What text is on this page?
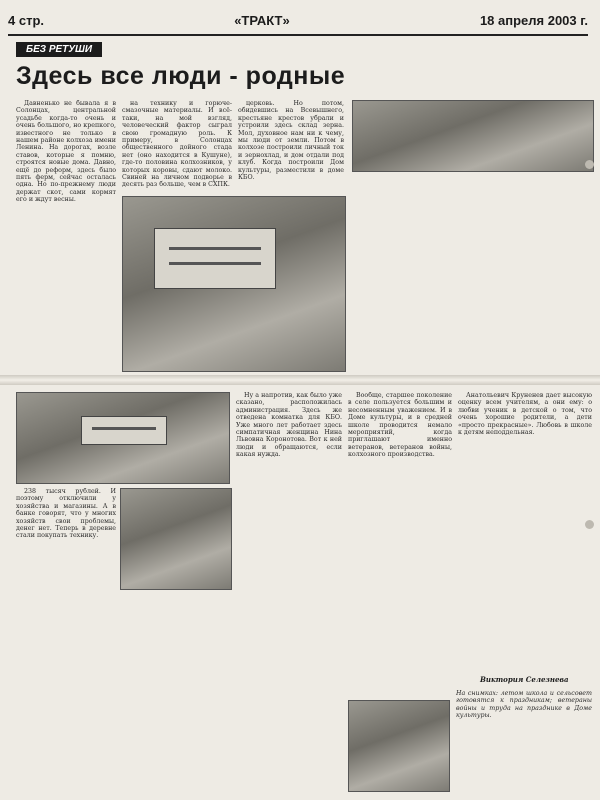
4 стр.	«ТРАКТ»	18 апреля 2003 г.
БЕЗ РЕТУШИ
Здесь все люди - родные

Давненько не бывала я в Солонцах, центральной усадьбе когда-то очень и очень большого, но крепкого, известного не только в нашем районе колхоза имени Ленина. На дорогах, возле ставов, которые я помню, строятся новые дома. Давно, ещё до реформ, здесь было пять ферм, сейчас осталась одна. Но по-прежнему люди держат скот, сами кормят его и ждут весны.

на технику и горюче-смазочные материалы. И всё-таки, на мой взгляд, человеческий фактор сыграл свою громадную роль. К примеру, в Солонцах общественного дойного стада нет (оно находится в Кушуне), где-то половина колхозников, у которых коровы, сдают молоко. Свиней на личном подворье в десять раз больше, чем в СХПК.

церковь. Но потом, обидевшись на Всевышнего, крестьяне крестов убрали и устроили здесь склад зерна. Мол, духовное нам ни к чему, мы люди от земли. Потом в колхозе построили личный ток и зернохлад, и дом отдали под клуб. Когда построили Дом культуры, разместили в доме КБО.

238 тысяч рублей. И поэтому отключили у хозяйства и магазины. А в банке говорят, что у многих хозяйств свои проблемы, денег нет. Теперь в деревне стали покупать технику.

Ну а напротив, как было уже сказано, расположилась администрация. Здесь же отведена комнатка для КБО. Уже много лет работает здесь симпатичная женщина Нина Львовна Коронотова. Вот к ней люди и обращаются, если какая нужда.

Вообще, старшее поколение в селе пользуется большим и несомненным уважением. И в Доме культуры, и в средней школе проводится немало мероприятий, когда приглашают именно ветеранов, ветеранов войны, колхозного производства.

Анатольевич Круненев дает высокую оценку всем учителям, а они ему: о любви ученик в детской о том, что очень хорошие родители, а дети «просто прекрасные». Любовь в школе к детям неподдельная.

Виктория Селезнева
На снимках: летом школа и сельсовет готовятся к праздникам; ветераны войны и труда на празднике в Доме культуры.
